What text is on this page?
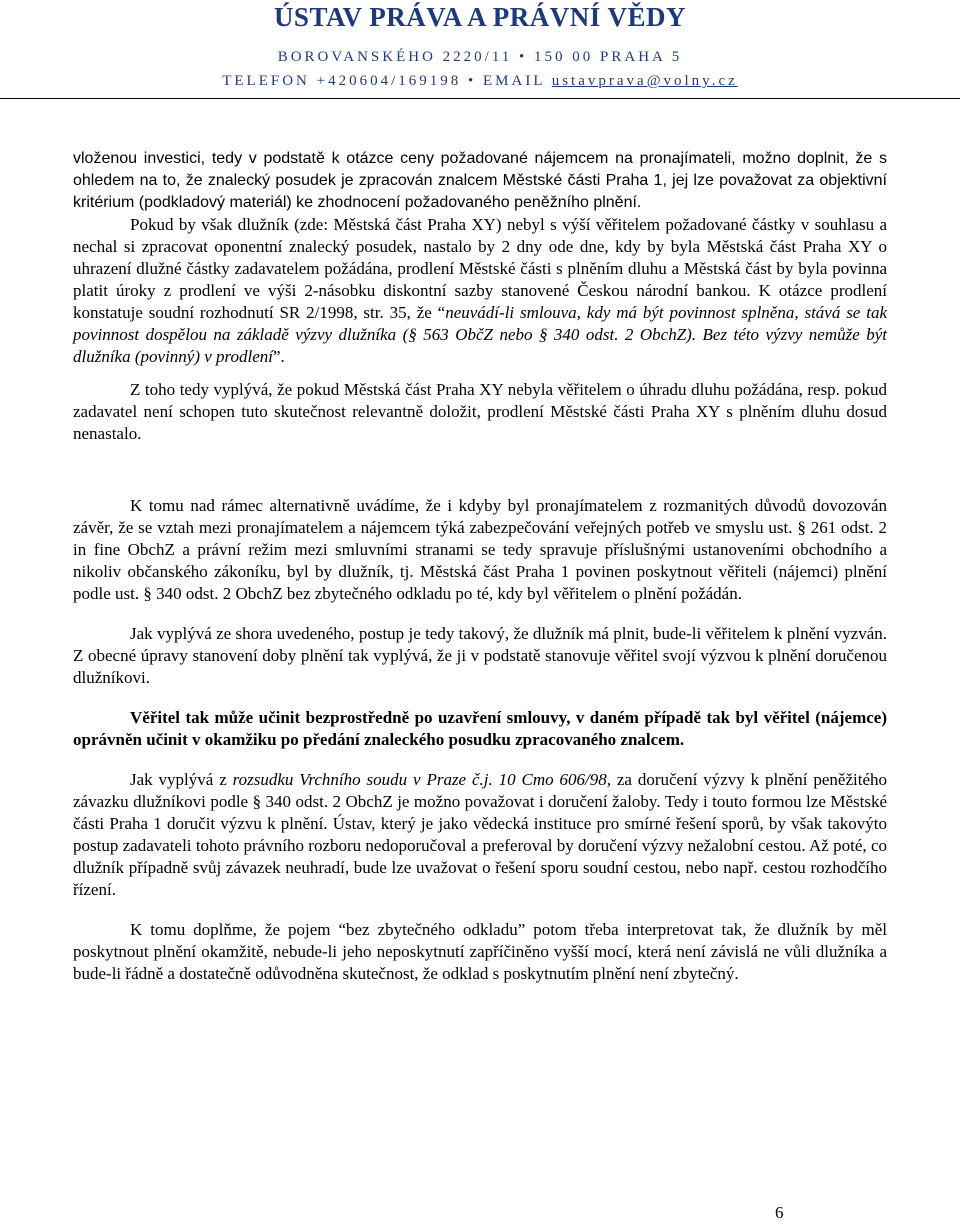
ÚSTAV PRÁVA A PRÁVNÍ VĚDY
BOROVANSKÉHO 2220/11 • 150 00 PRAHA 5
TELEFON +420604/169198 • EMAIL ustavprava@volny.cz

vloženou investici, tedy v podstatě k otázce ceny požadované nájemcem na pronajímateli, možno doplnit, že s ohledem na to, že znalecký posudek je zpracován znalcem Městské části Praha 1, jej lze považovat za objektivní kritérium (podkladový materiál) ke zhodnocení požadovaného peněžního plnění.

Pokud by však dlužník (zde: Městská část Praha XY) nebyl s výší věřitelem požadované částky v souhlasu a nechal si zpracovat oponentní znalecký posudek, nastalo by 2 dny ode dne, kdy by byla Městská část Praha XY o uhrazení dlužné částky zadavatelem požádána, prodlení Městské části s plněním dluhu a Městská část by byla povinna platit úroky z prodlení ve výši 2-násobku diskontní sazby stanovené Českou národní bankou. K otázce prodlení konstatuje soudní rozhodnutí SR 2/1998, str. 35, že “neuvádí-li smlouva, kdy má být povinnost splněna, stává se tak povinnost dospělou na základě výzvy dlužníka (§ 563 ObčZ nebo § 340 odst. 2 ObchZ). Bez této výzvy nemůže být dlužníka (povinný) v prodlení”.

Z toho tedy vyplývá, že pokud Městská část Praha XY nebyla věřitelem o úhradu dluhu požádána, resp. pokud zadavatel není schopen tuto skutečnost relevantně doložit, prodlení Městské části Praha XY s plněním dluhu dosud nenastalo.

K tomu nad rámec alternativně uvádíme, že i kdyby byl pronajímatelem z rozmanitých důvodů dovozován závěr, že se vztah mezi pronajímatelem a nájemcem týká zabezpečování veřejných potřeb ve smyslu ust. § 261 odst. 2 in fine ObchZ a právní režim mezi smluvními stranami se tedy spravuje příslušnými ustanoveními obchodního a nikoliv občanského zákoníku, byl by dlužník, tj. Městská část Praha 1 povinen poskytnout věřiteli (nájemci) plnění podle ust. § 340 odst. 2 ObchZ bez zbytečného odkladu po té, kdy byl věřitelem o plnění požádán.

Jak vyplývá ze shora uvedeného, postup je tedy takový, že dlužník má plnit, bude-li věřitelem k plnění vyzván. Z obecné úpravy stanovení doby plnění tak vyplývá, že ji v podstatě stanovuje věřitel svojí výzvou k plnění doručenou dlužníkovi.

Věřitel tak může učinit bezprostředně po uzavření smlouvy, v daném případě tak byl věřitel (nájemce) oprávněn učinit v okamžiku po předání znaleckého posudku zpracovaného znalcem.

Jak vyplývá z rozsudku Vrchního soudu v Praze č.j. 10 Cmo 606/98, za doručení výzvy k plnění peněžitého závazku dlužníkovi podle § 340 odst. 2 ObchZ je možno považovat i doručení žaloby. Tedy i touto formou lze Městské části Praha 1 doručit výzvu k plnění. Ústav, který je jako vědecká instituce pro smírné řešení sporů, by však takovýto postup zadavateli tohoto právního rozboru nedoporučoval a preferoval by doručení výzvy nežalobní cestou. Až poté, co dlužník případně svůj závazek neuhradí, bude lze uvažovat o řešení sporu soudní cestou, nebo např. cestou rozhodčího řízení.

K tomu doplňme, že pojem “bez zbytečného odkladu” potom třeba interpretovat tak, že dlužník by měl poskytnout plnění okamžitě, nebude-li jeho neposkytnutí zapříčiněno vyšší mocí, která není závislá ne vůli dlužníka a bude-li řádně a dostatečně odůvodněna skutečnost, že odklad s poskytnutím plnění není zbytečný.

6
